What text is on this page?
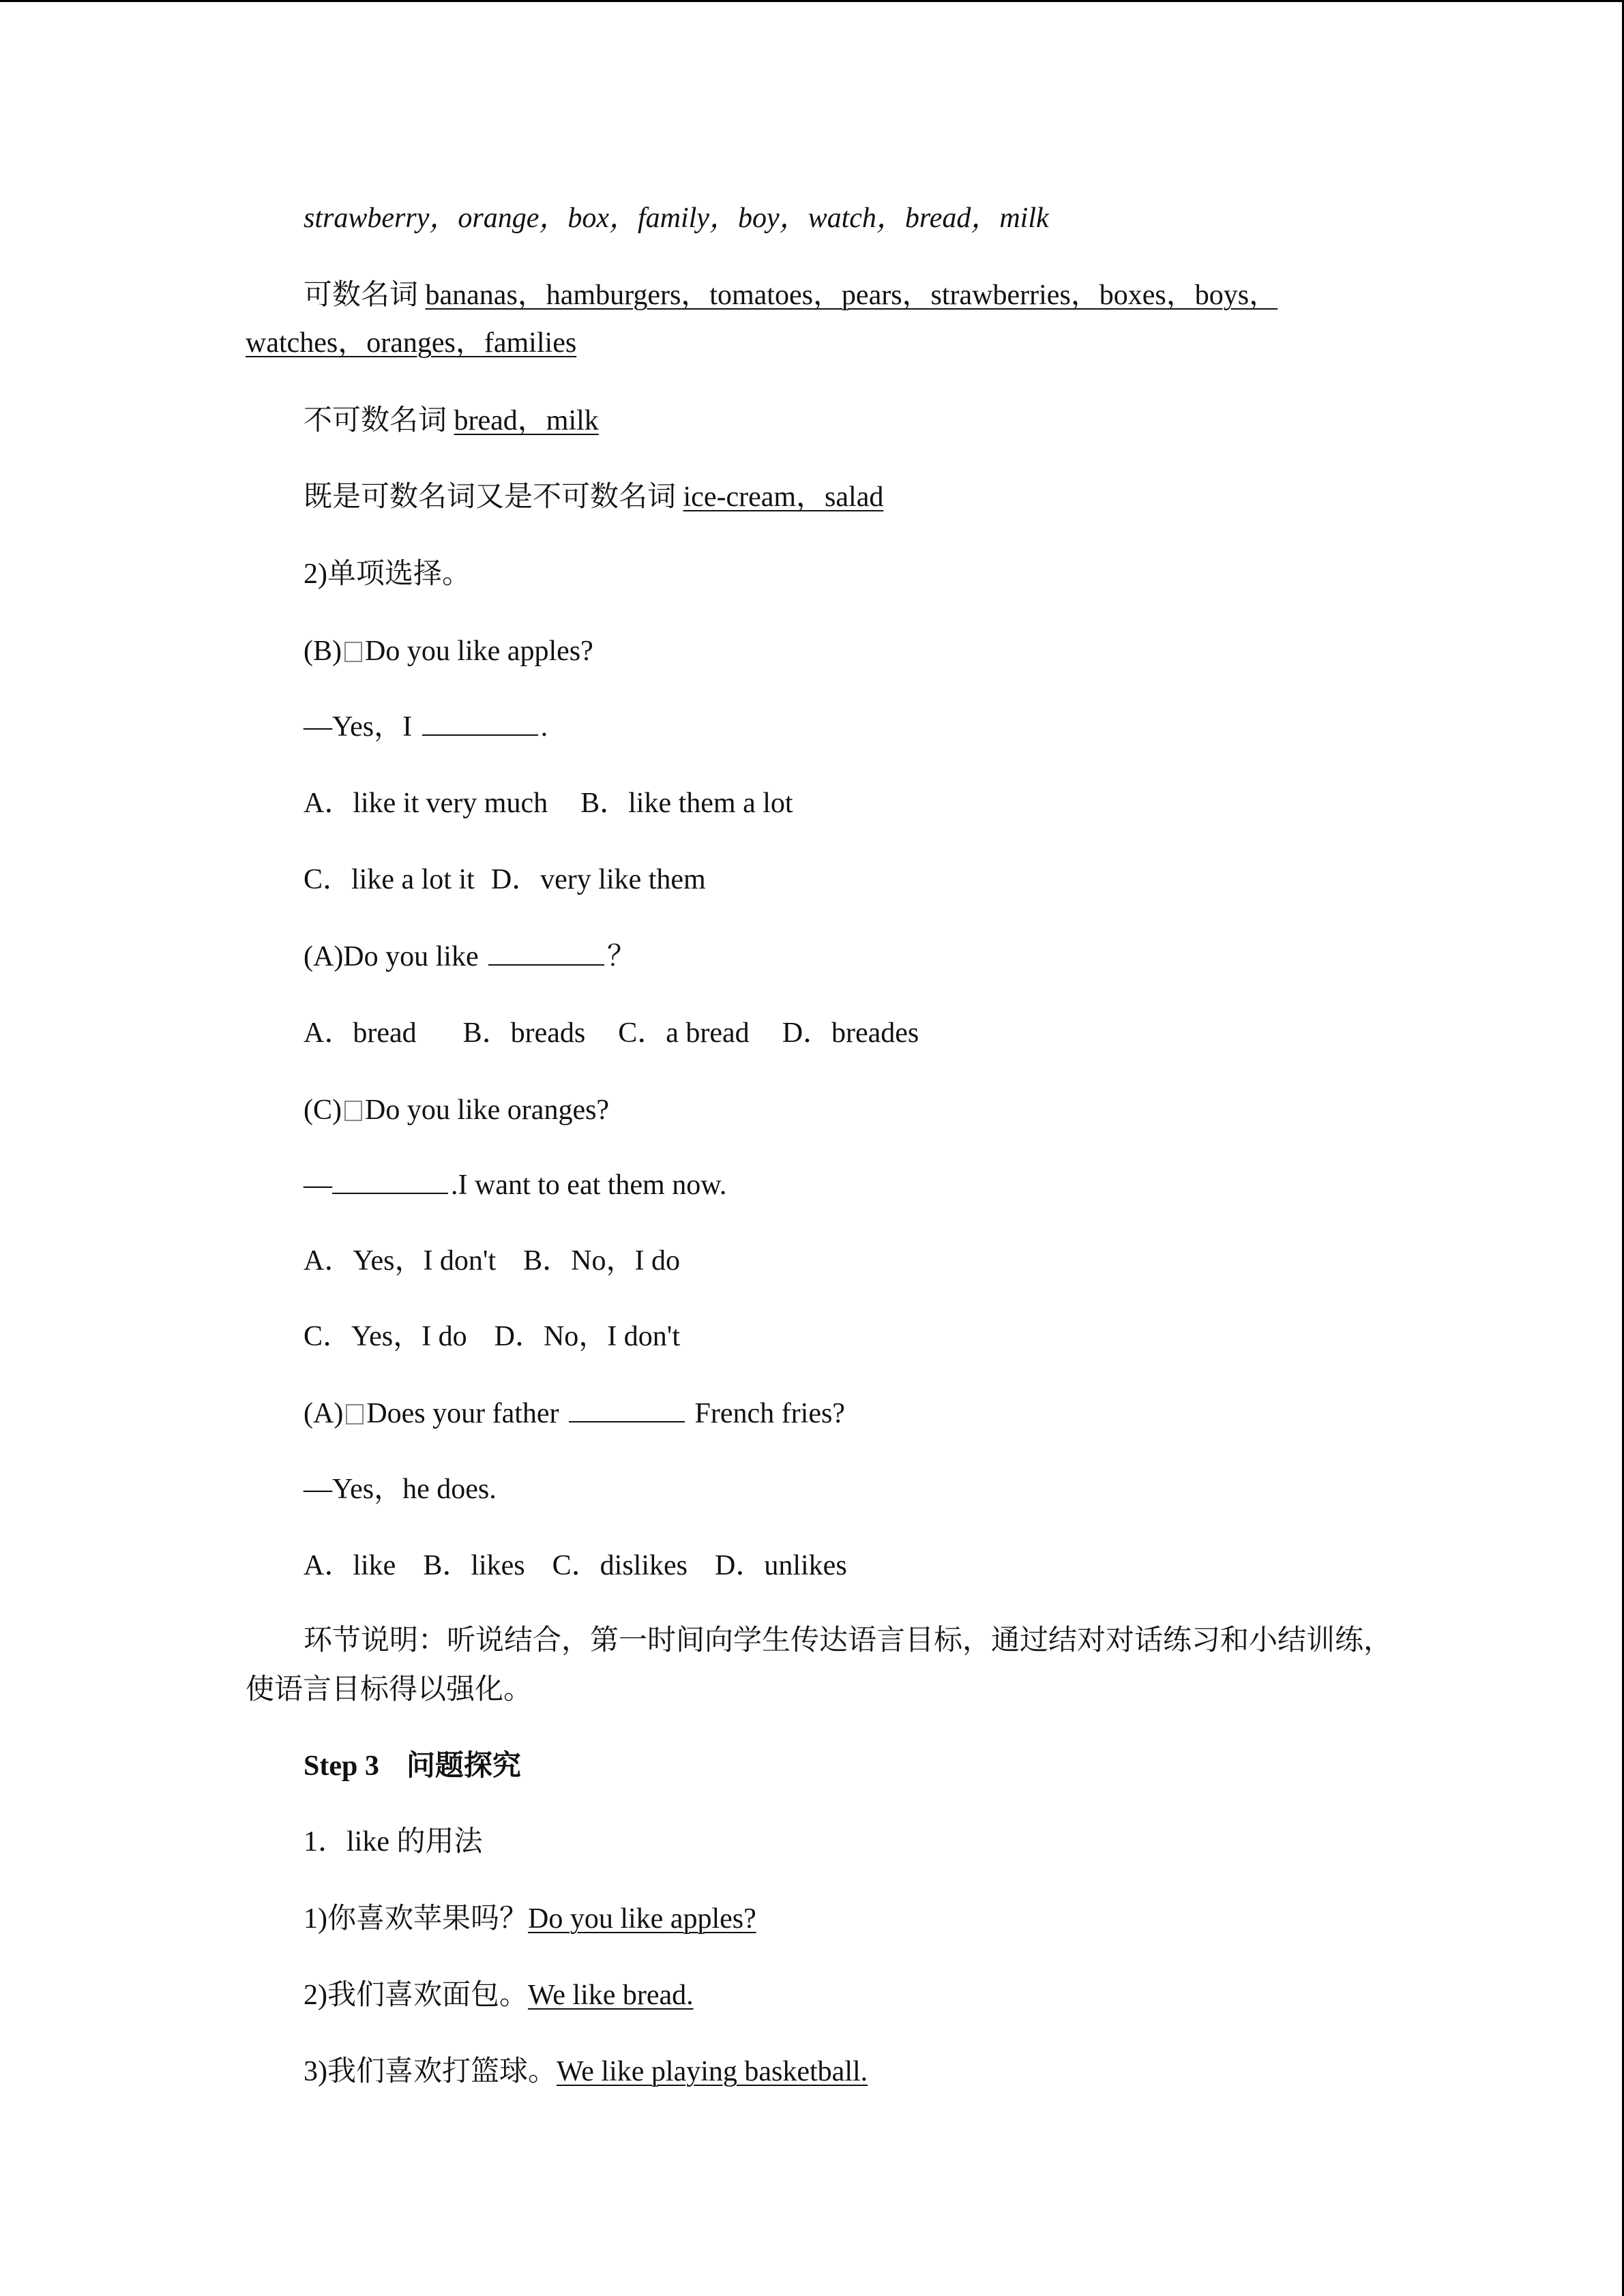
strawberry，orange，box，family，boy，watch，bread，milk
可数名词 bananas，hamburgers，tomatoes，pears，strawberries，boxes，boys，
watches，oranges，families
不可数名词 bread，milk
既是可数名词又是不可数名词 ice-cream，salad
2)单项选择。
(B) Do you like apples?
—Yes，I	.
A．like it very much B．like them a lot
C．like a lot it D．very like them
(A)Do you like	？
A．bread B．breads C．a bread D．breades
(C) Do you like oranges?
—	.I want to eat them now.
A．Yes，I don't B．No，I do
C．Yes，I do D．No，I don't
(A) Does your father	French fries?
—Yes，he does.
A．like B．likes C．dislikes D．unlikes
环节说明：听说结合，第一时间向学生传达语言目标，通过结对对话练习和小结训练，
使语言目标得以强化。
Step 3 问题探究
1．like 的用法
1)你喜欢苹果吗？Do you like apples?
2)我们喜欢面包。We like bread.
3)我们喜欢打篮球。We like playing basketball.
